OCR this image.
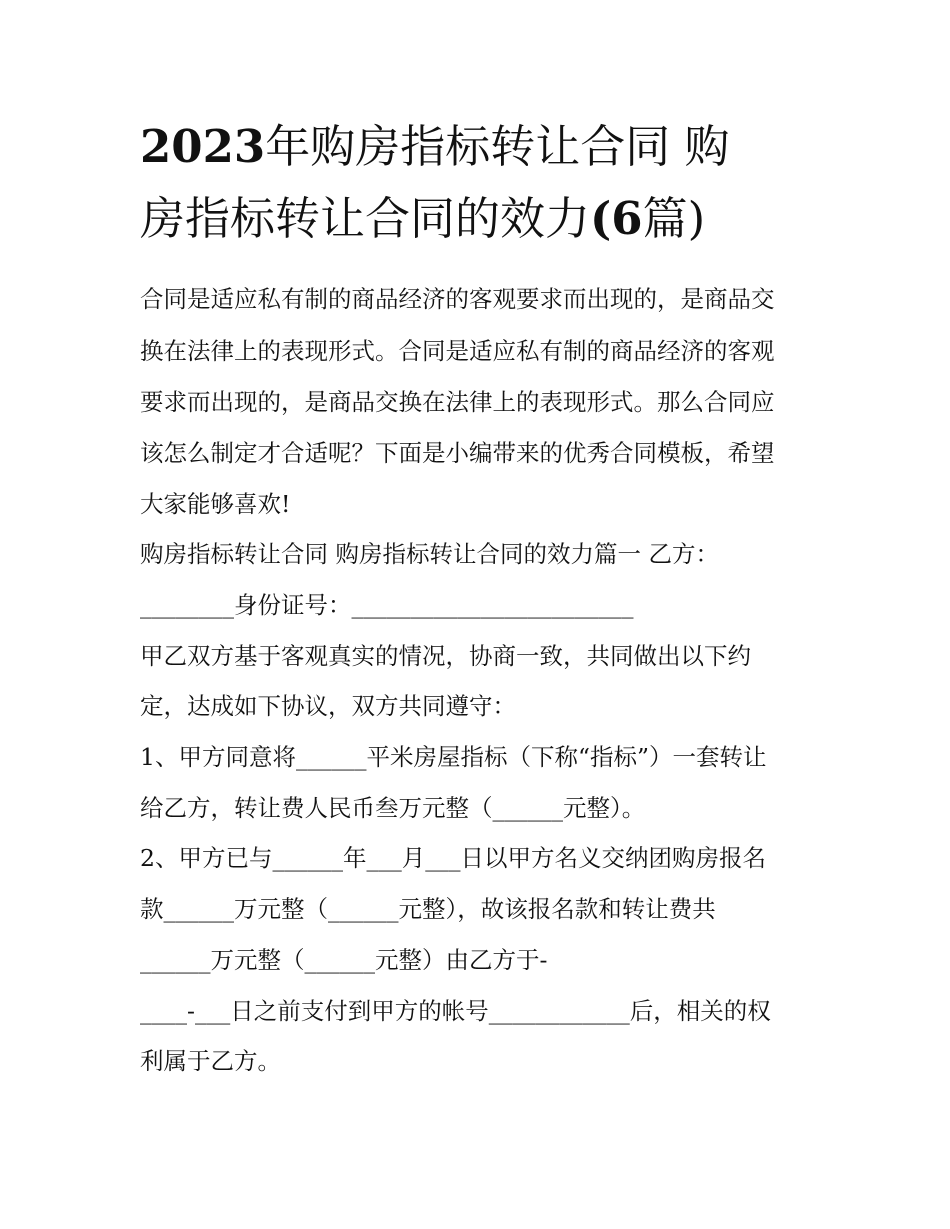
2023年购房指标转让合同 购
房指标转让合同的效力(6篇)

合同是适应私有制的商品经济的客观要求而出现的，是商品交

换在法律上的表现形式。合同是适应私有制的商品经济的客观

要求而出现的，是商品交换在法律上的表现形式。那么合同应

该怎么制定才合适呢？下面是小编带来的优秀合同模板，希望

大家能够喜欢!

购房指标转让合同 购房指标转让合同的效力篇一 乙方：

________身份证号：________________________

甲乙双方基于客观真实的情况，协商一致，共同做出以下约

定，达成如下协议，双方共同遵守：

1、甲方同意将______平米房屋指标（下称“指标”）一套转让

给乙方，转让费人民币叁万元整（______元整）。

2、甲方已与______年___月___日以甲方名义交纳团购房报名

款______万元整（______元整），故该报名款和转让费共

______万元整（______元整）由乙方于-

____-___日之前支付到甲方的帐号____________后，相关的权

利属于乙方。
